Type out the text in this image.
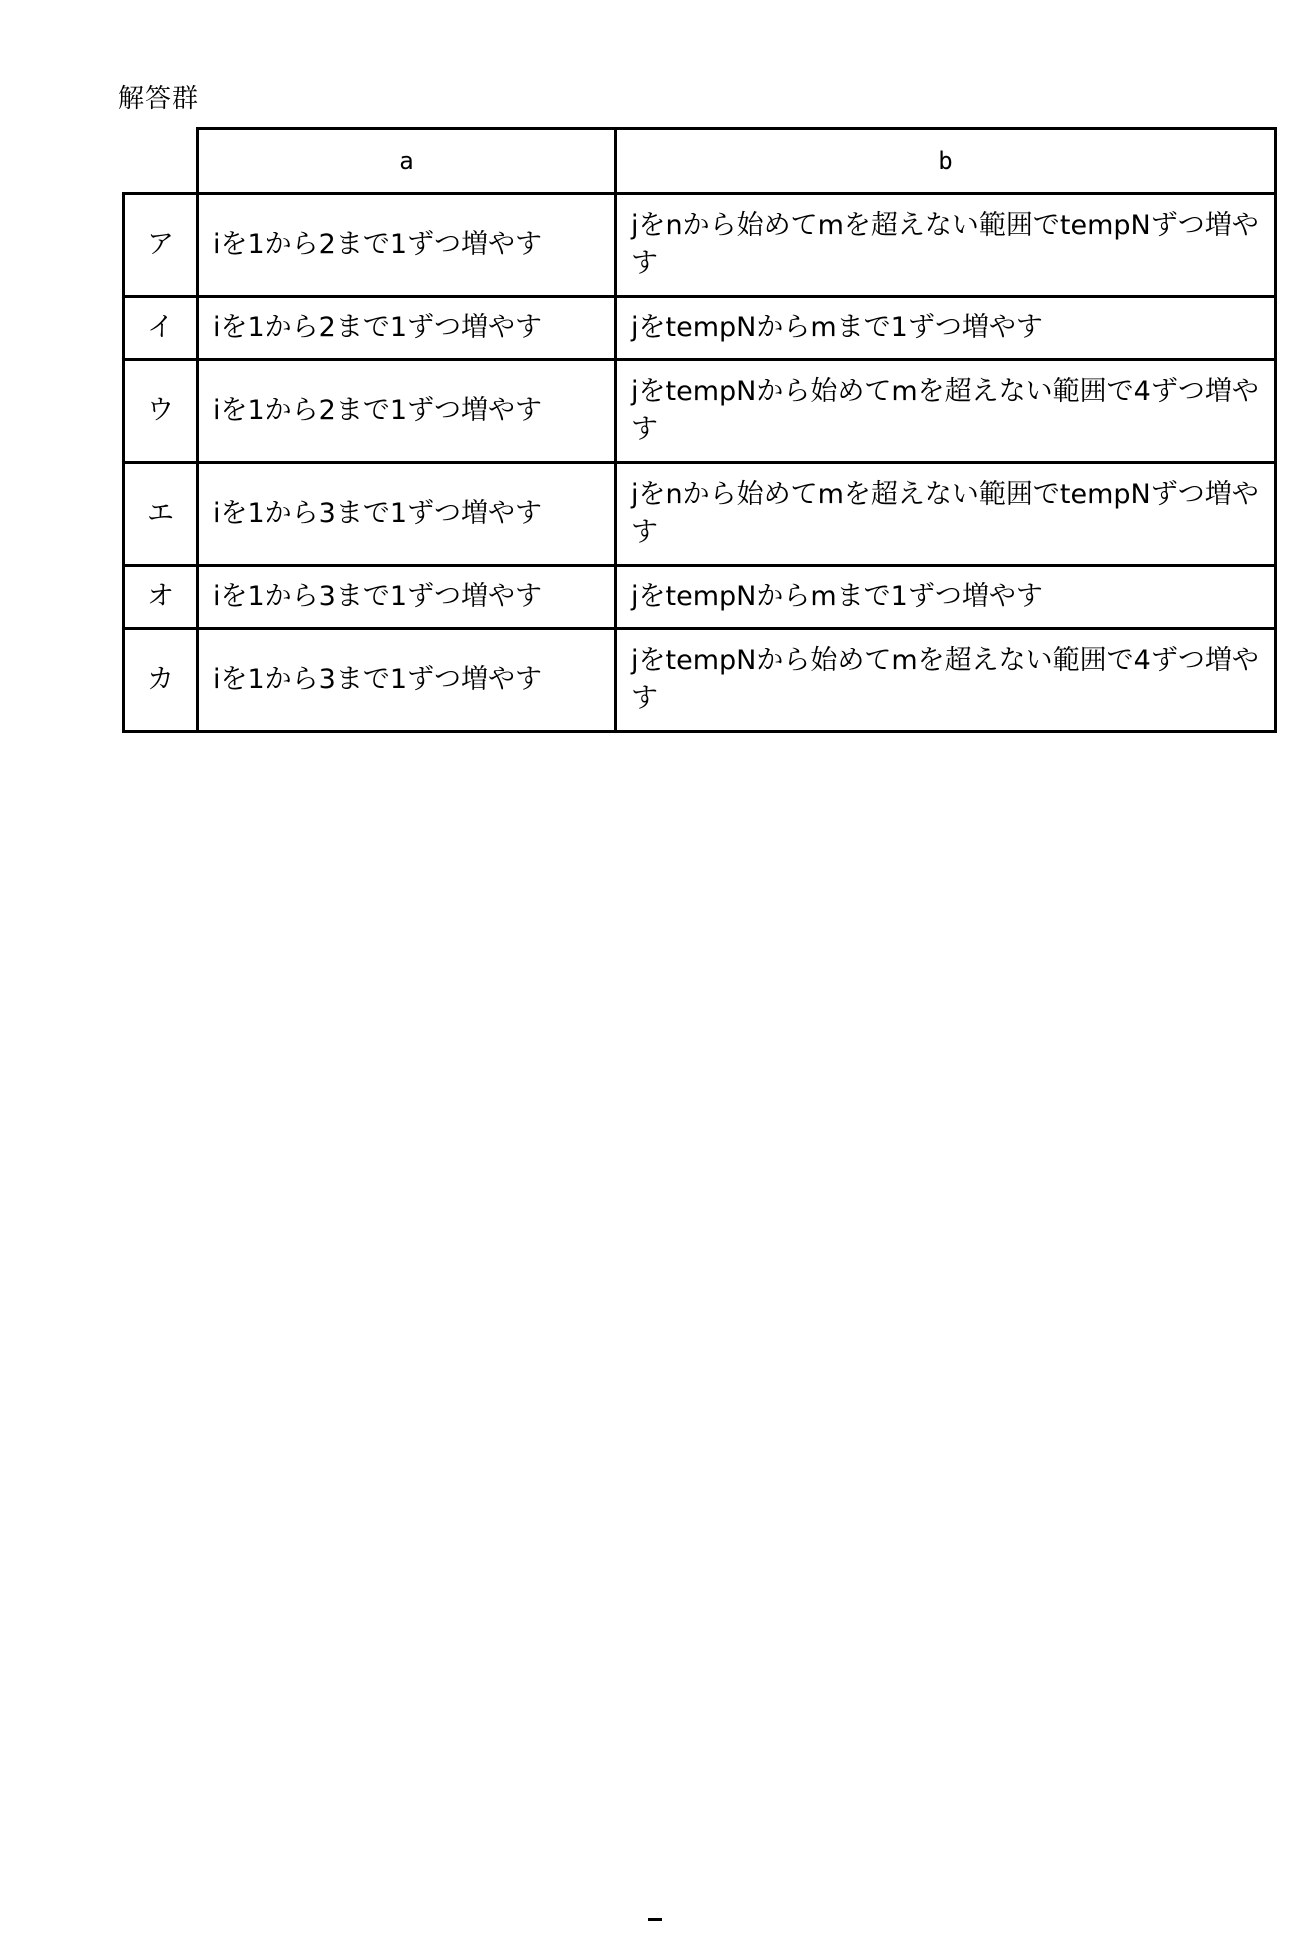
解答群
	a	b
ア	iを1から2まで1ずつ増やす	jをnから始めてmを超えない範囲でtempNずつ増やす
イ	iを1から2まで1ずつ増やす	jをtempNからmまで1ずつ増やす
ウ	iを1から2まで1ずつ増やす	jをtempNから始めてmを超えない範囲で4ずつ増やす
エ	iを1から3まで1ずつ増やす	jをnから始めてmを超えない範囲でtempNずつ増やす
オ	iを1から3まで1ずつ増やす	jをtempNからmまで1ずつ増やす
カ	iを1から3まで1ずつ増やす	jをtempNから始めてmを超えない範囲で4ずつ増やす
